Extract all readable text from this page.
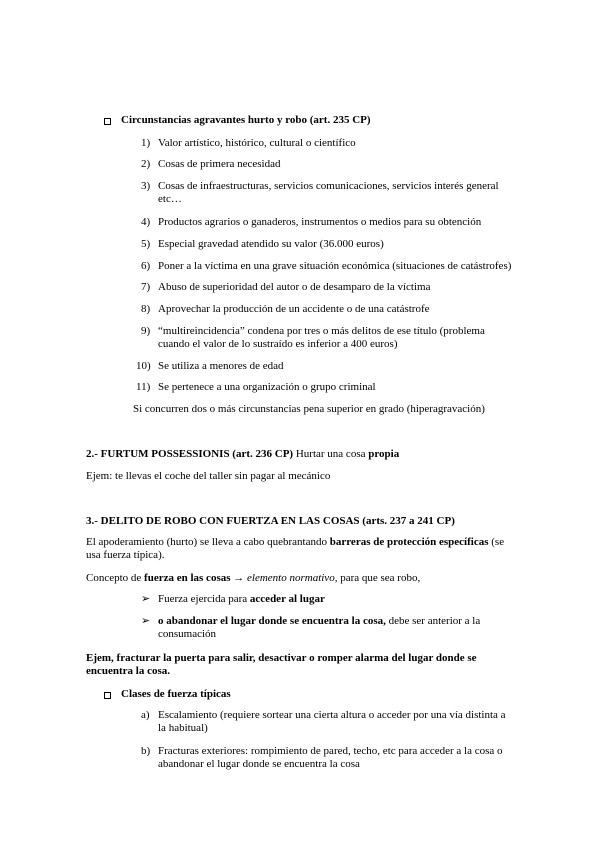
Circunstancias agravantes hurto y robo (art. 235 CP)
1) Valor artístico, histórico, cultural o científico
2) Cosas de primera necesidad
3) Cosas de infraestructuras, servicios comunicaciones, servicios interés general
etc…
4) Productos agrarios o ganaderos, instrumentos o medios para su obtención
5) Especial gravedad atendido su valor (36.000 euros)
6) Poner a la víctima en una grave situación económica (situaciones de catástrofes)
7) Abuso de superioridad del autor o de desamparo de la víctima
8) Aprovechar la producción de un accidente o de una catástrofe
9) “multireincidencia” condena por tres o más delitos de ese título (problema
cuando el valor de lo sustraído es inferior a 400 euros)
10) Se utiliza a menores de edad
11) Se pertenece a una organización o grupo criminal
Si concurren dos o más circunstancias pena superior en grado (hiperagravación)
2.- FURTUM POSSESSIONIS (art. 236 CP) Hurtar una cosa propia
Ejem: te llevas el coche del taller sin pagar al mecánico
3.- DELITO DE ROBO CON FUERTZA EN LAS COSAS (arts. 237 a 241 CP)
El apoderamiento (hurto) se lleva a cabo quebrantando barreras de protección específicas (se
usa fuerza típica).
Concepto de fuerza en las cosas → elemento normativo, para que sea robo,
➢ Fuerza ejercida para acceder al lugar
➢ o abandonar el lugar donde se encuentra la cosa, debe ser anterior a la
consumación
Ejem, fracturar la puerta para salir, desactivar o romper alarma del lugar donde se
encuentra la cosa.
Clases de fuerza típicas
a) Escalamiento (requiere sortear una cierta altura o acceder por una vía distinta a
la habitual)
b) Fracturas exteriores: rompimiento de pared, techo, etc para acceder a la cosa o
abandonar el lugar donde se encuentra la cosa
